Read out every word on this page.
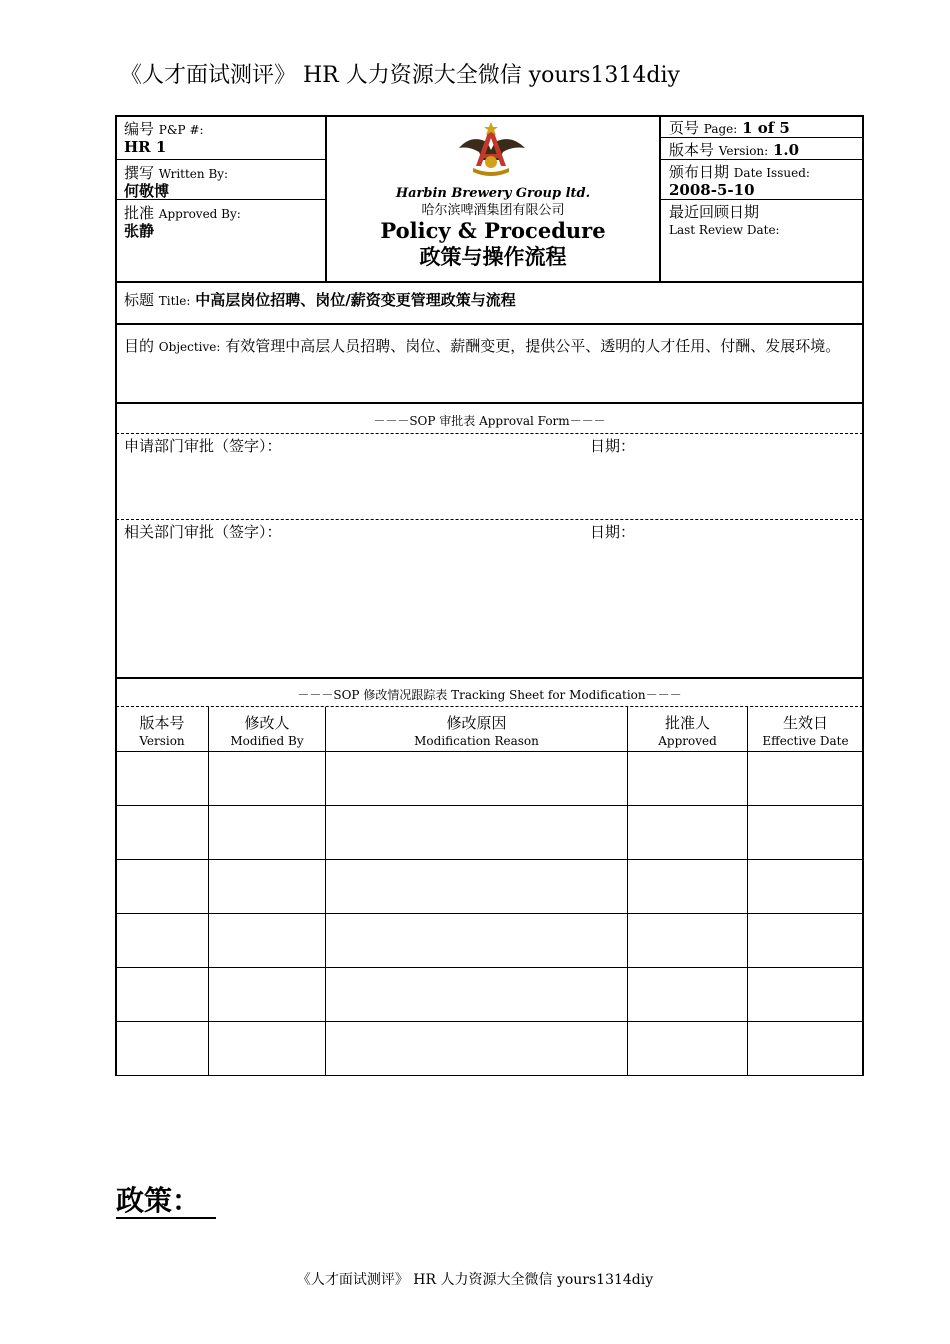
《人才面试测评》 HR 人力资源大全微信 yours1314diy
编号 P&P #:
HR 1
撰写 Written By:
何敬博
批准 Approved By:
张静
Harbin Brewery Group ltd.
哈尔滨啤酒集团有限公司
Policy & Procedure
政策与操作流程
页号 Page: 1 of 5
版本号 Version: 1.0
颁布日期 Date Issued:
2008-5-10
最近回顾日期
Last Review Date:
标题 Title: 中高层岗位招聘、岗位/薪资变更管理政策与流程
目的 Objective: 有效管理中高层人员招聘、岗位、薪酬变更，提供公平、透明的人才任用、付酬、发展环境。
－－－SOP 审批表 Approval Form－－－
申请部门审批（签字）：	日期：
相关部门审批（签字）：	日期：
－－－SOP 修改情况跟踪表 Tracking Sheet for Modification－－－
版本号
Version
修改人
Modified By
修改原因
Modification Reason
批准人
Approved
生效日
Effective Date
政策：
《人才面试测评》 HR 人力资源大全微信 yours1314diy
